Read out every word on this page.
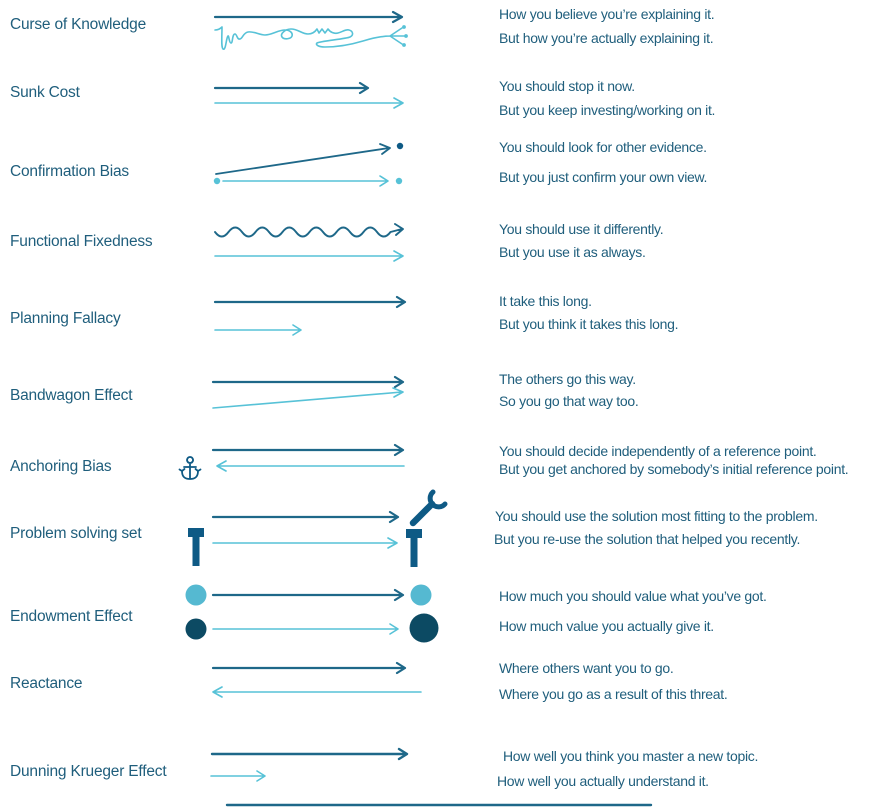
Curse of Knowledge
Sunk Cost
Confirmation Bias
Functional Fixedness
Planning Fallacy
Bandwagon Effect
Anchoring Bias
Problem solving set
Endowment Effect
Reactance
Dunning Krueger Effect
How you believe you’re explaining it.
But how you’re actually explaining it.
You should stop it now.
But you keep investing/working on it.
You should look for other evidence.
But you just confirm your own view.
You should use it differently.
But you use it as always.
It take this long.
But you think it takes this long.
The others go this way.
So you go that way too.
You should decide independently of a reference point.
But you get anchored by somebody’s initial reference point.
You should use the solution most fitting to the problem.
But you re-use the solution that helped you recently.
How much you should value what you’ve got.
How much value you actually give it.
Where others want you to go.
Where you go as a result of this threat.
How well you think you master a new topic.
How well you actually understand it.
